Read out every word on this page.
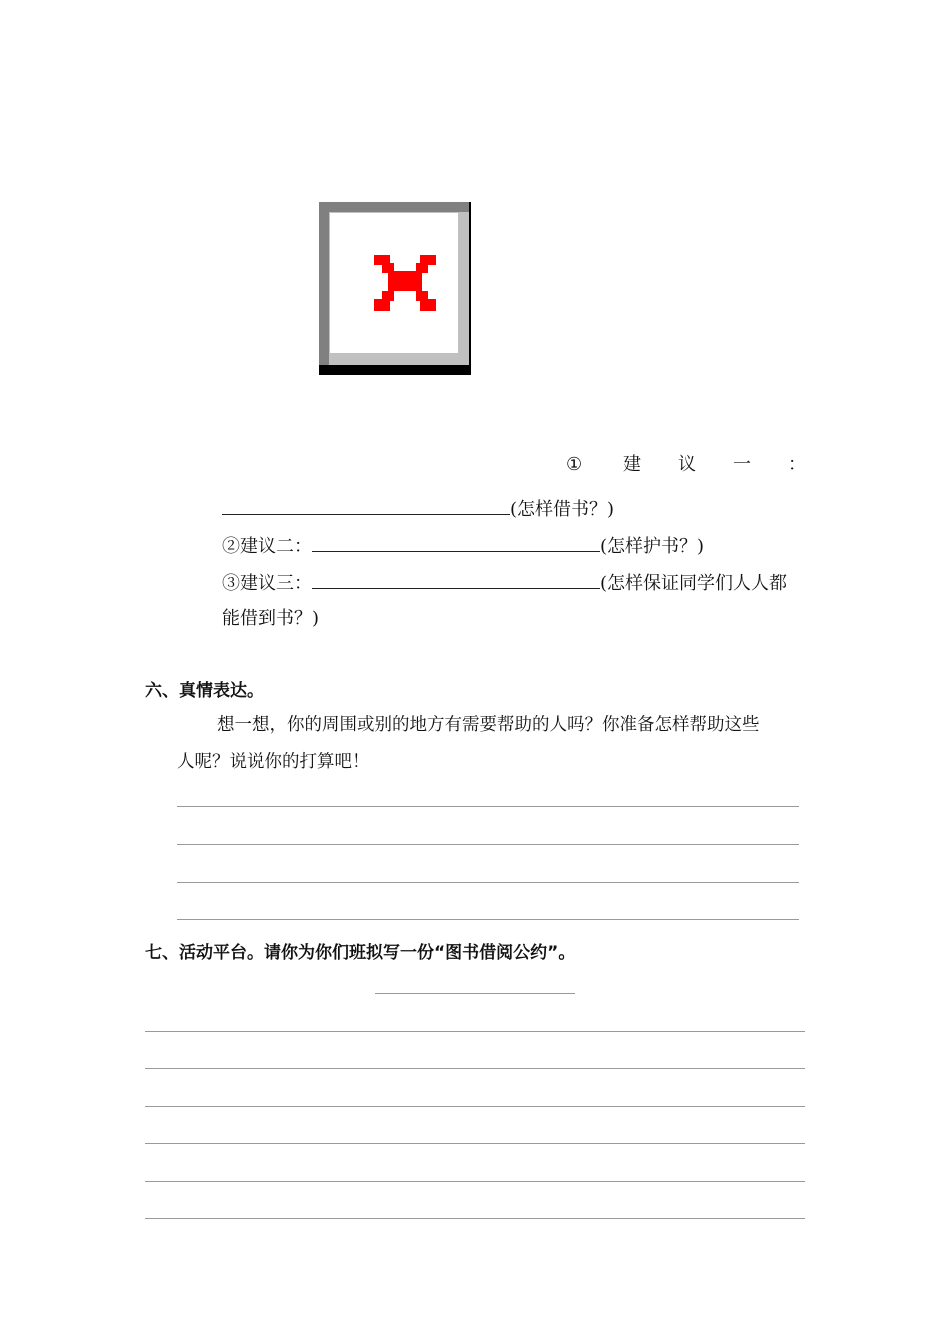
① 建 议 一 ：
(怎样借书？)
②建议二：	(怎样护书？)
③建议三：	(怎样保证同学们人人都
能借到书？)
六、真情表达。
想一想，你的周围或别的地方有需要帮助的人吗？你准备怎样帮助这些
人呢？说说你的打算吧！
七、活动平台。请你为你们班拟写一份“图书借阅公约”。
